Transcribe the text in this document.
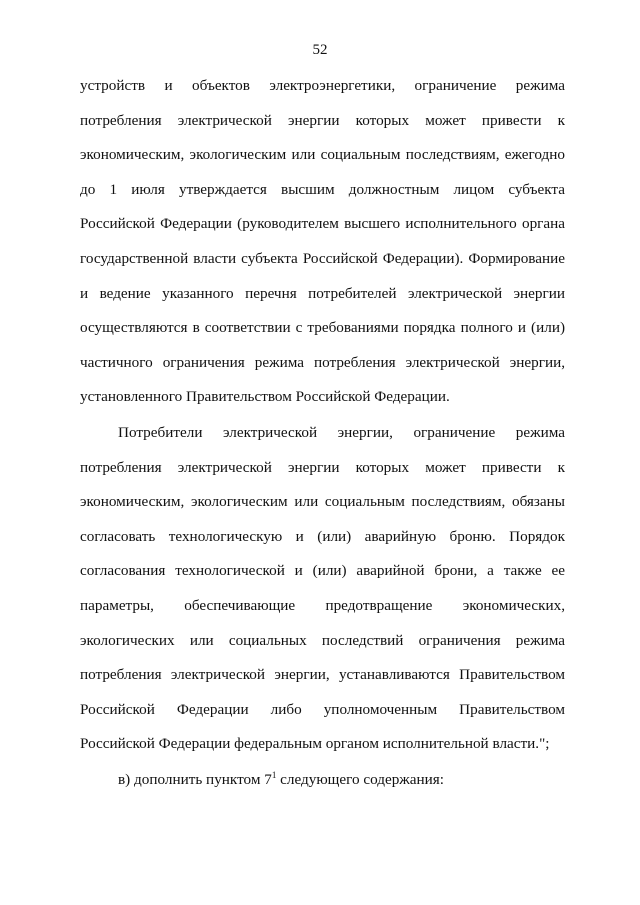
52
устройств и объектов электроэнергетики, ограничение режима
потребления электрической энергии которых может привести к
экономическим, экологическим или социальным последствиям, ежегодно
до 1 июля утверждается высшим должностным лицом субъекта
Российской Федерации (руководителем высшего исполнительного органа
государственной власти субъекта Российской Федерации). Формирование
и ведение указанного перечня потребителей электрической энергии
осуществляются в соответствии с требованиями порядка полного и (или)
частичного ограничения режима потребления электрической энергии,
установленного Правительством Российской Федерации.
Потребители электрической энергии, ограничение режима
потребления электрической энергии которых может привести к
экономическим, экологическим или социальным последствиям, обязаны
согласовать технологическую и (или) аварийную броню. Порядок
согласования технологической и (или) аварийной брони, а также ее
параметры, обеспечивающие предотвращение экономических,
экологических или социальных последствий ограничения режима
потребления электрической энергии, устанавливаются Правительством
Российской Федерации либо уполномоченным Правительством
Российской Федерации федеральным органом исполнительной власти.";
в) дополнить пунктом $7^1$ следующего содержания:
